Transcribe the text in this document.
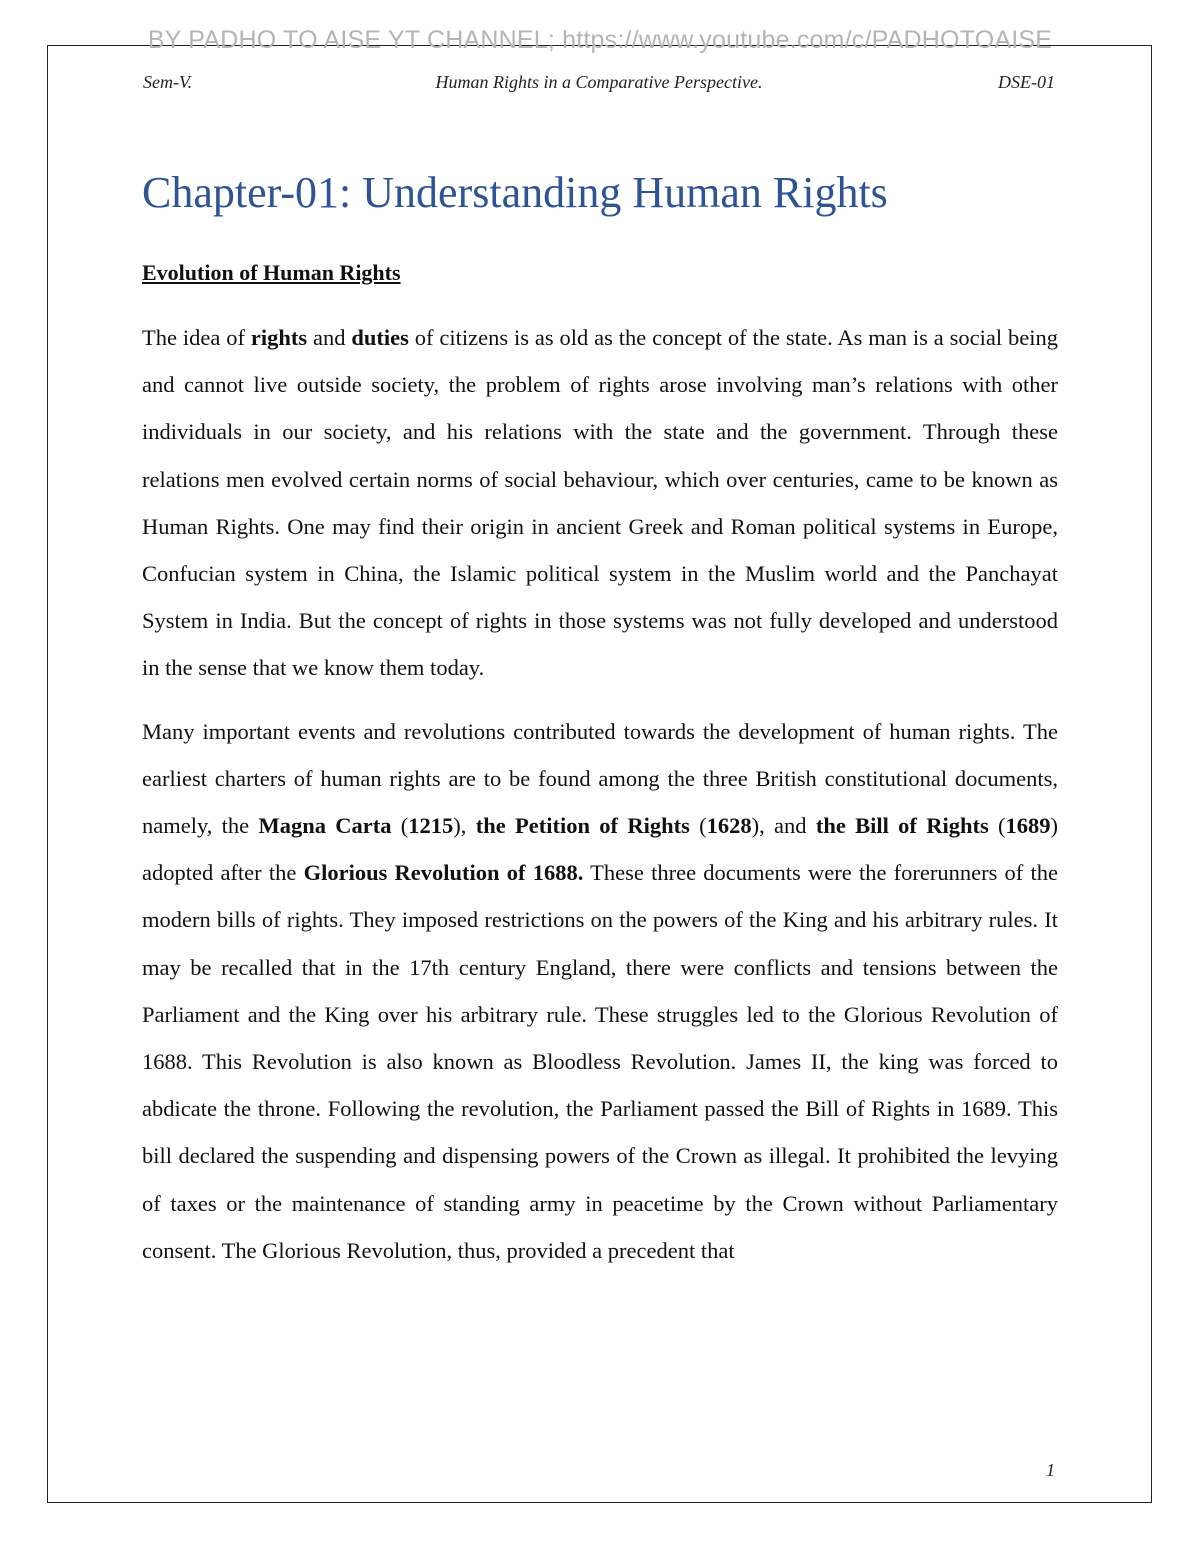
BY PADHO TO AISE YT CHANNEL; https://www.youtube.com/c/PADHOTOAISE
Human Rights in a Comparative Perspective.
Sem-V.	DSE-01
Chapter-01: Understanding Human Rights
Evolution of Human Rights

The idea of rights and duties of citizens is as old as the concept of the state. As man is a social being and cannot live outside society, the problem of rights arose involving man’s relations with other individuals in our society, and his relations with the state and the government. Through these relations men evolved certain norms of social behaviour, which over centuries, came to be known as Human Rights. One may find their origin in ancient Greek and Roman political systems in Europe, Confucian system in China, the Islamic political system in the Muslim world and the Panchayat System in India. But the concept of rights in those systems was not fully developed and understood in the sense that we know them today.

Many important events and revolutions contributed towards the development of human rights. The earliest charters of human rights are to be found among the three British constitutional documents, namely, the Magna Carta (1215), the Petition of Rights (1628), and the Bill of Rights (1689) adopted after the Glorious Revolution of 1688. These three documents were the forerunners of the modern bills of rights. They imposed restrictions on the powers of the King and his arbitrary rules. It may be recalled that in the 17th century England, there were conflicts and tensions between the Parliament and the King over his arbitrary rule. These struggles led to the Glorious Revolution of 1688. This Revolution is also known as Bloodless Revolution. James II, the king was forced to abdicate the throne. Following the revolution, the Parliament passed the Bill of Rights in 1689. This bill declared the suspending and dispensing powers of the Crown as illegal. It prohibited the levying of taxes or the maintenance of standing army in peacetime by the Crown without Parliamentary consent. The Glorious Revolution, thus, provided a precedent that

1
